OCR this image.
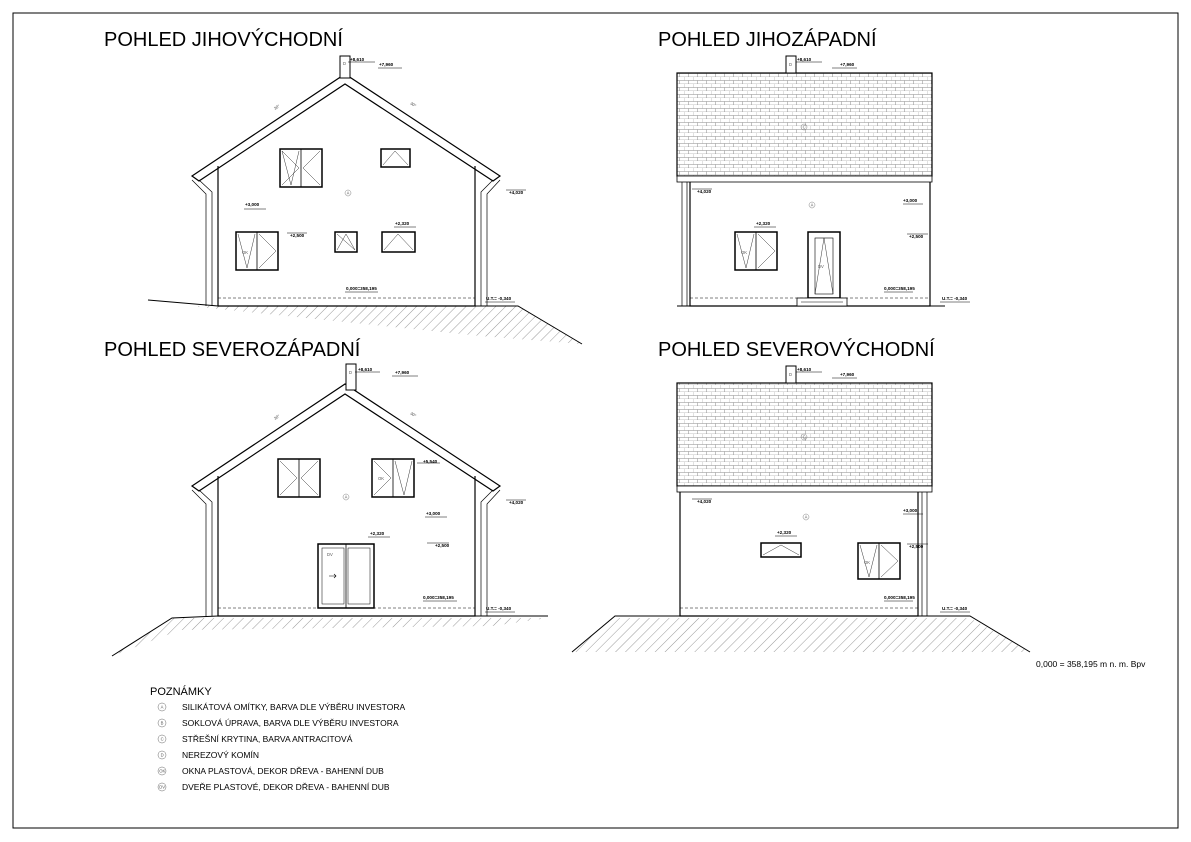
POHLED JIHOVÝCHODNÍ
D
OK
A
30°	30°
+8,610
+7,960
+4,020
+3,000
+2,500
+2,320
0,000=358,195
U.T.= -0,340
POHLED JIHOZÁPADNÍ
D
C
A
OK
DV
+8,610
+7,960
+4,020
+2,320
+3,000
+2,500
0,000=358,195
U.T.= -0,340
POHLED SEVEROZÁPADNÍ
D
OK
DV
A
30°	30°
+8,610
+7,960
+5,540
+4,020
+3,000
+2,320
+2,500
0,000=358,195
U.T.= -0,340
POHLED SEVEROVÝCHODNÍ
D
C
A
OK
+8,610
+7,960
+4,020
+2,320
+3,000
+2,500
0,000=358,195
U.T.= -0,340
0,000 = 358,195 m n. m. Bpv
POZNÁMKY
A SILIKÁTOVÁ OMÍTKY, BARVA DLE VÝBĚRU INVESTORA
B SOKLOVÁ ÚPRAVA, BARVA DLE VÝBĚRU INVESTORA
C STŘEŠNÍ KRYTINA, BARVA ANTRACITOVÁ
D NEREZOVÝ KOMÍN
OK OKNA PLASTOVÁ, DEKOR DŘEVA - BAHENNÍ DUB
DV DVEŘE PLASTOVÉ, DEKOR DŘEVA - BAHENNÍ DUB
